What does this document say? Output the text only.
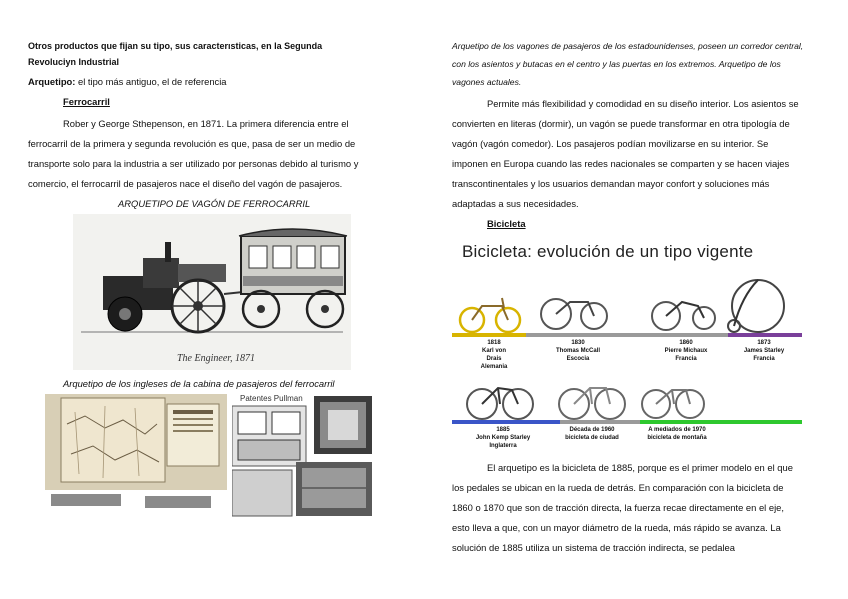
Otros productos que fijan su tipo, sus caracterısticas, en la Segunda
Revoluciyn Industrial
Arquetipo: el tipo más antiguo, el de referencia
Ferrocarril
Rober y George Sthepenson, en 1871. La primera diferencia entre el
ferrocarril de la primera y segunda revolución es que, pasa de ser un medio de
transporte solo para la industria a ser utilizado por personas debido al turismo y
comercio, el ferrocarril de pasajeros nace el diseño del vagón de pasajeros.
ARQUETIPO DE VAGÓN DE FERROCARRIL
The Engineer, 1871
Arquetipo de los ingleses de la cabina de pasajeros del ferrocarril
Patentes Pullman
Arquetipo de los vagones de pasajeros de los estadounidenses, poseen un corredor central,
con los asientos y butacas en el centro y las puertas en los extremos. Arquetipo de los
vagones actuales.
Permite más flexibilidad y comodidad en su diseño interior. Los asientos se
convierten en literas (dormir), un vagón se puede transformar en otra tipología de
vagón (vagón comedor). Los pasajeros podían movilizarse en su interior. Se
imponen en Europa cuando las redes nacionales se comparten y se hacen viajes
transcontinentales y los usuarios demandan mayor confort y soluciones más
adaptadas a sus necesidades.
Bicicleta
Bicicleta: evolución de un tipo vigente
1818
Karl von Drais
Alemania
1830
Thomas McCall
Escocia
1860
Pierre Michaux
Francia
1873
James Starley
Francia
1885
John Kemp Starley
Inglaterra
Década de 1960
bicicleta de ciudad
A mediados de 1970
bicicleta de montaña
El arquetipo es la bicicleta de 1885, porque es el primer modelo en el que
los pedales se ubican en la rueda de detrás. En comparación con la bicicleta de
1860 o 1870 que son de tracción directa, la fuerza recae directamente en el eje,
esto lleva a que, con un mayor diámetro de la rueda, más rápido se avanza. La
solución de 1885 utiliza un sistema de tracción indirecta, se pedalea
